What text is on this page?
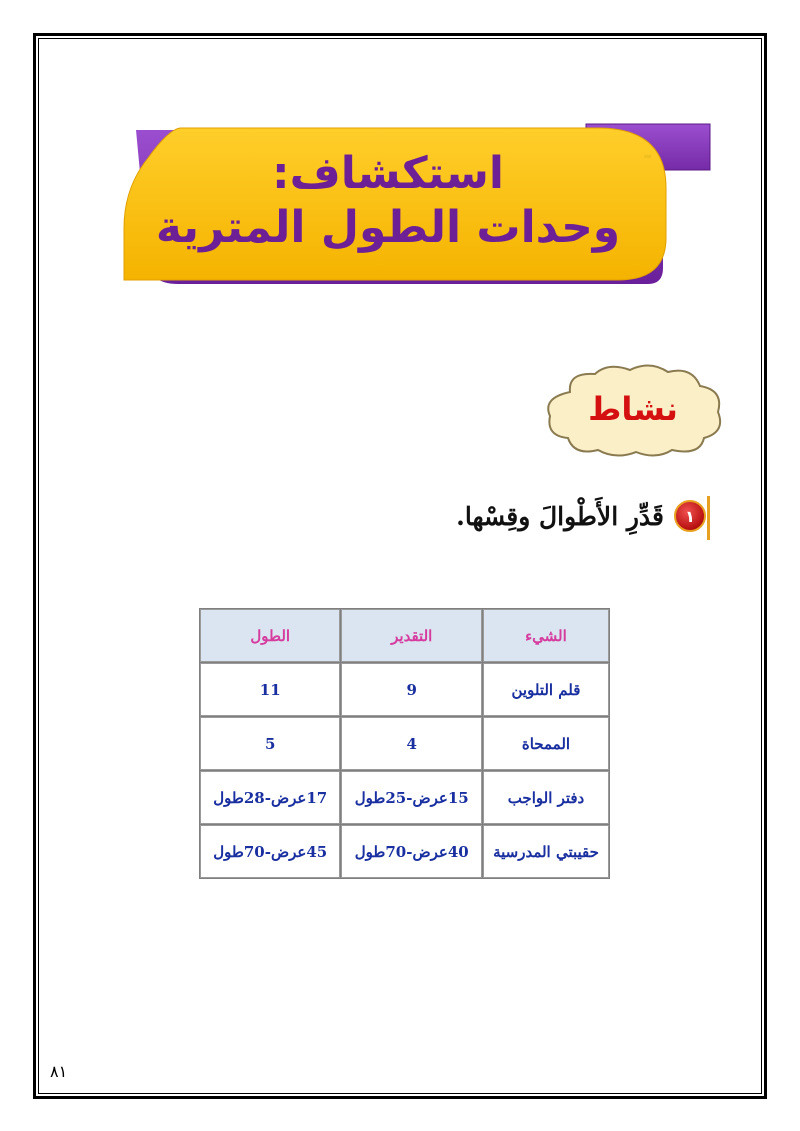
-
استكشاف:
وحدات الطول المترية
نشاط
١
قَدِّرِ الأَطْوالَ وقِسْها.
الشيء	التقدير	الطول
قلم التلوين	9	11
الممحاة	4	5
دفتر الواجب	15عرض-25طول	17عرض-28طول
حقيبتي المدرسية	40عرض-70طول	45عرض-70طول
٨١
